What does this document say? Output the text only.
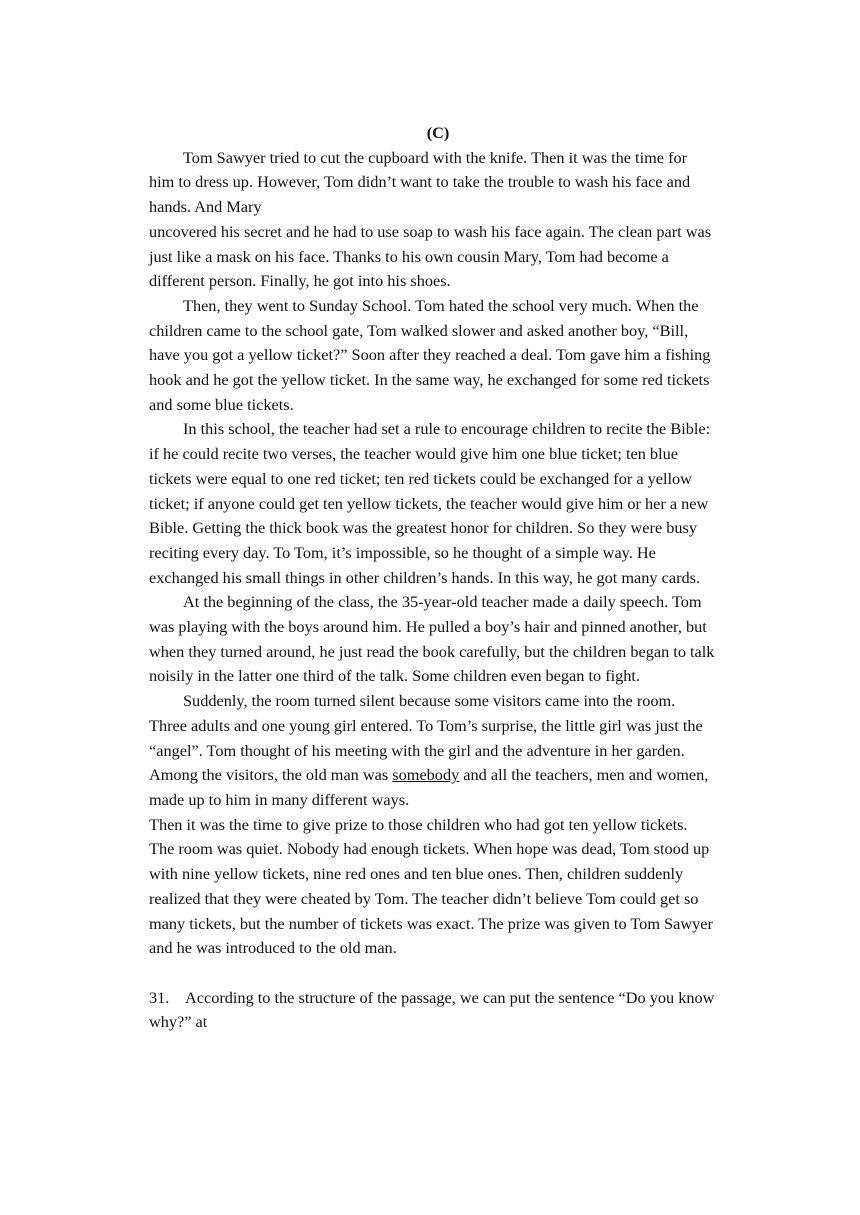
(C)

Tom Sawyer tried to cut the cupboard with the knife. Then it was the time for him to dress up. However, Tom didn’t want to take the trouble to wash his face and hands. And Mary

uncovered his secret and he had to use soap to wash his face again. The clean part was just like a mask on his face. Thanks to his own cousin Mary, Tom had become a different person. Finally, he got into his shoes.

Then, they went to Sunday School. Tom hated the school very much. When the children came to the school gate, Tom walked slower and asked another boy, “Bill, have you got a yellow ticket?” Soon after they reached a deal. Tom gave him a fishing hook and he got the yellow ticket. In the same way, he exchanged for some red tickets and some blue tickets.

In this school, the teacher had set a rule to encourage children to recite the Bible: if he could recite two verses, the teacher would give him one blue ticket; ten blue tickets were equal to one red ticket; ten red tickets could be exchanged for a yellow ticket; if anyone could get ten yellow tickets, the teacher would give him or her a new Bible. Getting the thick book was the greatest honor for children. So they were busy reciting every day. To Tom, it’s impossible, so he thought of a simple way. He exchanged his small things in other children’s hands. In this way, he got many cards.

At the beginning of the class, the 35-year-old teacher made a daily speech. Tom was playing with the boys around him. He pulled a boy’s hair and pinned another, but when they turned around, he just read the book carefully, but the children began to talk noisily in the latter one third of the talk. Some children even began to fight.

Suddenly, the room turned silent because some visitors came into the room. Three adults and one young girl entered. To Tom’s surprise, the little girl was just the “angel”. Tom thought of his meeting with the girl and the adventure in her garden. Among the visitors, the old man was somebody and all the teachers, men and women, made up to him in many different ways.

Then it was the time to give prize to those children who had got ten yellow tickets. The room was quiet. Nobody had enough tickets. When hope was dead, Tom stood up with nine yellow tickets, nine red ones and ten blue ones. Then, children suddenly realized that they were cheated by Tom. The teacher didn’t believe Tom could get so many tickets, but the number of tickets was exact. The prize was given to Tom Sawyer and he was introduced to the old man.

31. According to the structure of the passage, we can put the sentence “Do you know why?” at
